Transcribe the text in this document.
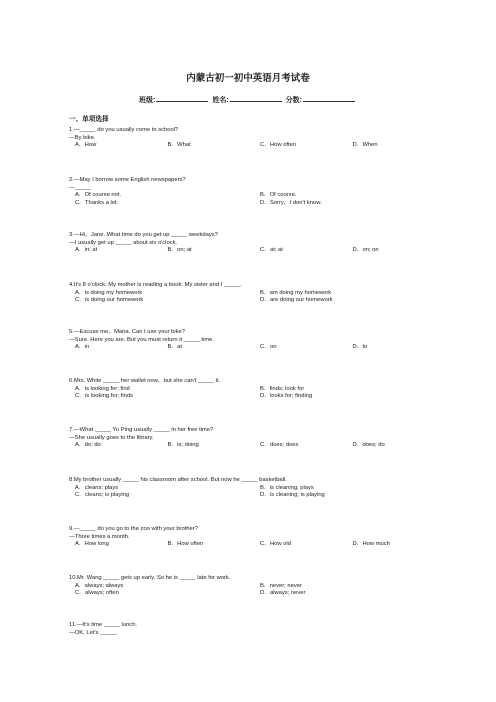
内蒙古初一初中英语月考试卷
班级:	姓名:	分数:
一、单项选择
1.—_____ do you usually come to school?
—By bike.
A．How	B．What	C．How often	D．When
2.—May I borrow some English newspapers?
—_____
A．Of course not.	B．Of course.
C．Thanks a lot.	D．Sorry，I don't know.
3.—Hi，Jane. What time do you get up _____ weekdays?
—I usually get up _____ about six o'clock.
A．in; at	B．on; at	C．at; at	D．on; on
4.It's 8 o'clock. My mother is reading a book. My sister and I _____.
A．is doing my homework	B．am doing my homework
C．is doing our homework	D．are doing our homework
5.—Excuse me，Maria. Can I use your bike?
—Sure. Here you are. But you must return it _____ time.
A．in	B．at	C．on	D．to
6.Mrs. White _____ her wallet now，but she can't _____ it.
A．is looking for; find	B．finds; look for
C．is looking for; finds	D．looks for; finding
7.—What _____ Yu Ping usually _____ in her free time?
—She usually goes to the library.
A．do; do	B．is; doing	C．does; does	D．does; do
8.My brother usually _____ his classroom after school. But now he _____ basketball.
A．cleans; plays	B．is cleaning; plays
C．cleans; is playing	D．is cleaning; is playing
9.—_____ do you go to the zoo with your brother?
—Three times a month.
A．How long	B．How often	C．How old	D．How much
10.Mr. Wang _____ gets up early. So he is _____ late for work.
A．always; always	B．never; never
C．always; often	D．always; never
11.—It's time _____ lunch.
—OK. Let's _____.
